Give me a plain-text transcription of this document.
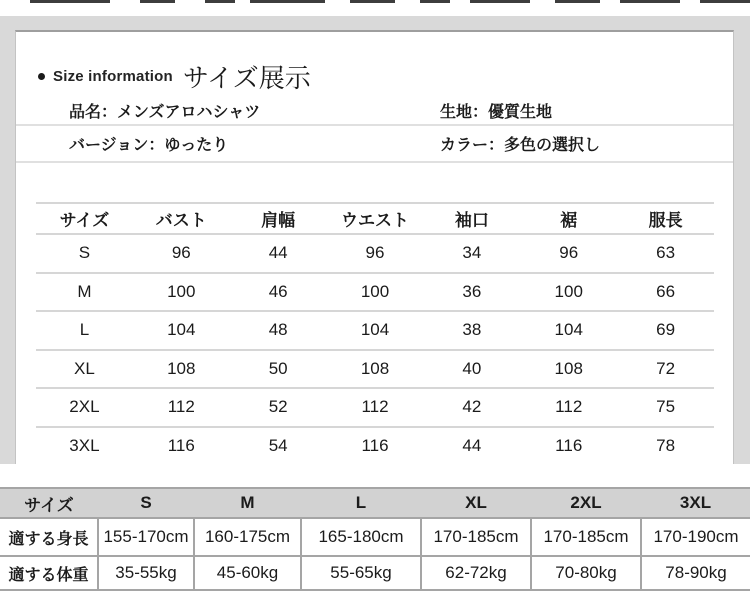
Size information サイズ展示
品名：メンズアロハシャツ	生地：優質生地
バージョン：ゆったり	カラー：多色の選択し
サイズ	バスト	肩幅	ウエスト	袖口	裾	服長
S	96	44	96	34	96	63
M	100	46	100	36	100	66
L	104	48	104	38	104	69
XL	108	50	108	40	108	72
2XL	112	52	112	42	112	75
3XL	116	54	116	44	116	78
サイズ	S	M	L	XL	2XL	3XL
適する身長	155-170cm	160-175cm	165-180cm	170-185cm	170-185cm	170-190cm
適する体重	35-55kg	45-60kg	55-65kg	62-72kg	70-80kg	78-90kg
